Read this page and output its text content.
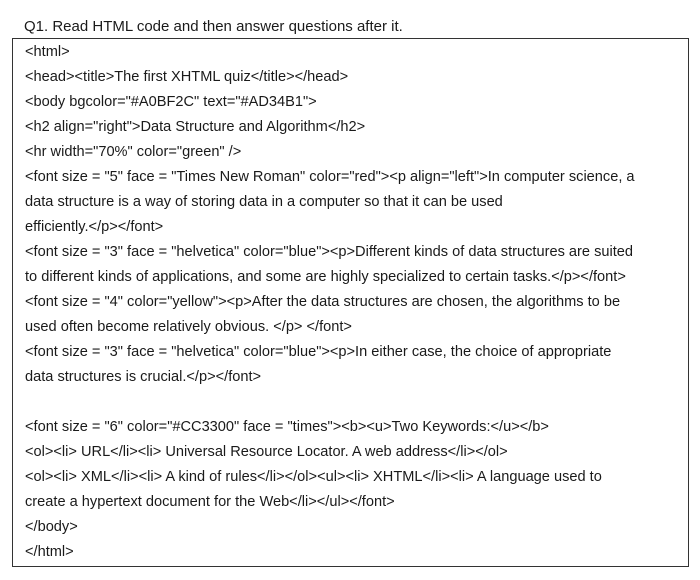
Q1. Read HTML code and then answer questions after it.
<html>
<head><title>The first XHTML quiz</title></head>
<body bgcolor="#A0BF2C" text="#AD34B1">
<h2 align="right">Data Structure and Algorithm</h2>
<hr width="70%" color="green" />
<font size = "5" face = "Times New Roman" color="red"><p align="left">In computer science, a
data structure is a way of storing data in a computer so that it can be used
efficiently.</p></font>
<font size = "3" face = "helvetica" color="blue"><p>Different kinds of data structures are suited
to different kinds of applications, and some are highly specialized to certain tasks.</p></font>
<font size = "4" color="yellow"><p>After the data structures are chosen, the algorithms to be
used often become relatively obvious. </p> </font>
<font size = "3" face = "helvetica" color="blue"><p>In either case, the choice of appropriate
data structures is crucial.</p></font>
<font size = "6" color="#CC3300" face = "times"><b><u>Two Keywords:</u></b>
<ol><li> URL</li><li> Universal Resource Locator. A web address</li></ol>
<ol><li> XML</li><li> A kind of rules</li></ol><ul><li> XHTML</li><li> A language used to
create a hypertext document for the Web</li></ul></font>
</body>
</html>
